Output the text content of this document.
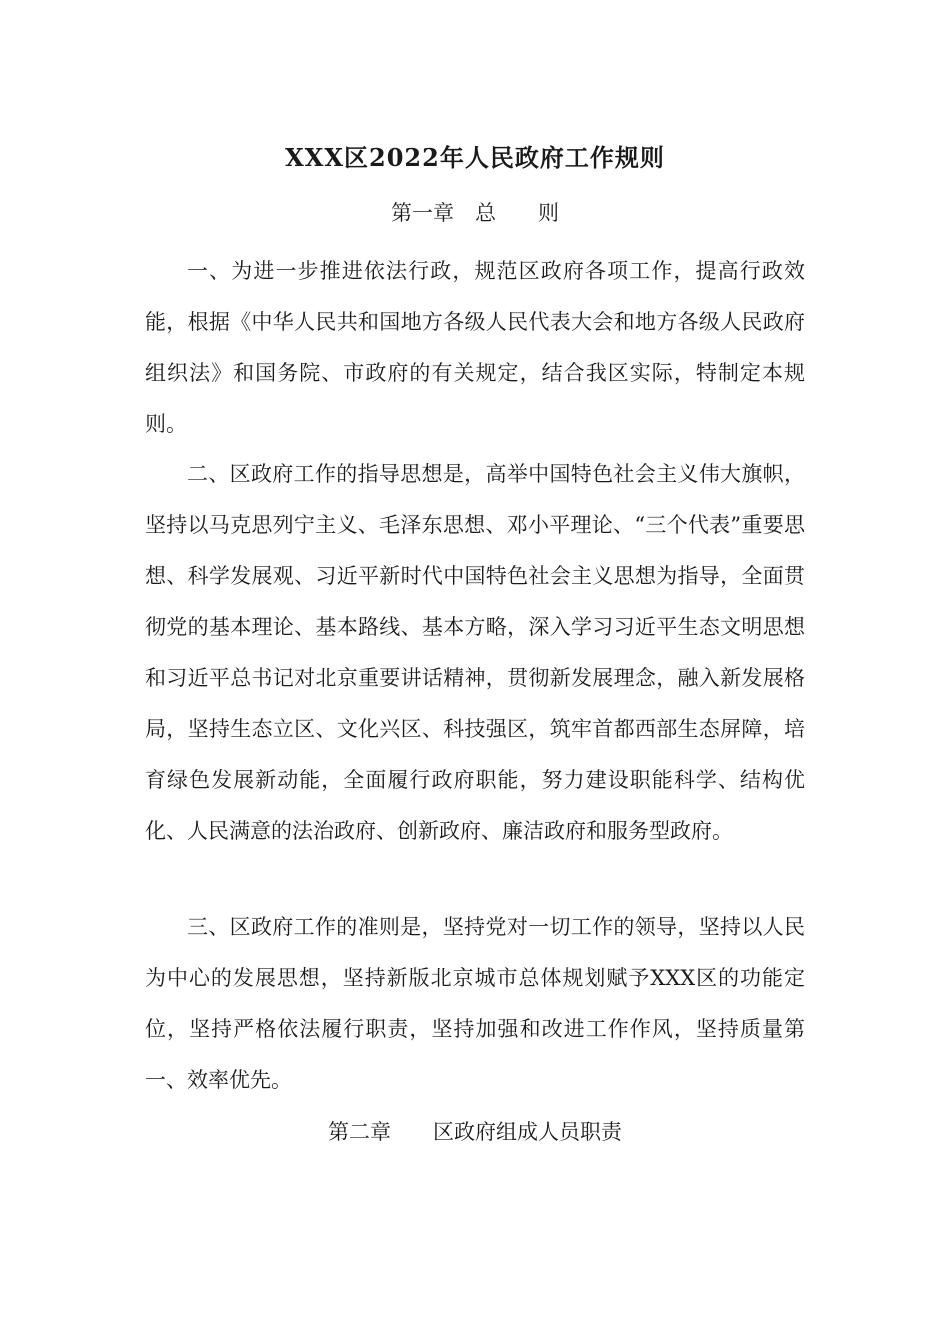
XXX区2022年人民政府工作规则
第一章　总　　则

一、为进一步推进依法行政，规范区政府各项工作，提高行政效能，根据《中华人民共和国地方各级人民代表大会和地方各级人民政府组织法》和国务院、市政府的有关规定，结合我区实际，特制定本规则。

二、区政府工作的指导思想是，高举中国特色社会主义伟大旗帜，坚持以马克思列宁主义、毛泽东思想、邓小平理论、“三个代表”重要思想、科学发展观、习近平新时代中国特色社会主义思想为指导，全面贯彻党的基本理论、基本路线、基本方略，深入学习习近平生态文明思想和习近平总书记对北京重要讲话精神，贯彻新发展理念，融入新发展格局，坚持生态立区、文化兴区、科技强区，筑牢首都西部生态屏障，培育绿色发展新动能，全面履行政府职能，努力建设职能科学、结构优化、人民满意的法治政府、创新政府、廉洁政府和服务型政府。

三、区政府工作的准则是，坚持党对一切工作的领导，坚持以人民为中心的发展思想，坚持新版北京城市总体规划赋予XXX区的功能定位，坚持严格依法履行职责，坚持加强和改进工作作风，坚持质量第一、效率优先。

第二章　　区政府组成人员职责
